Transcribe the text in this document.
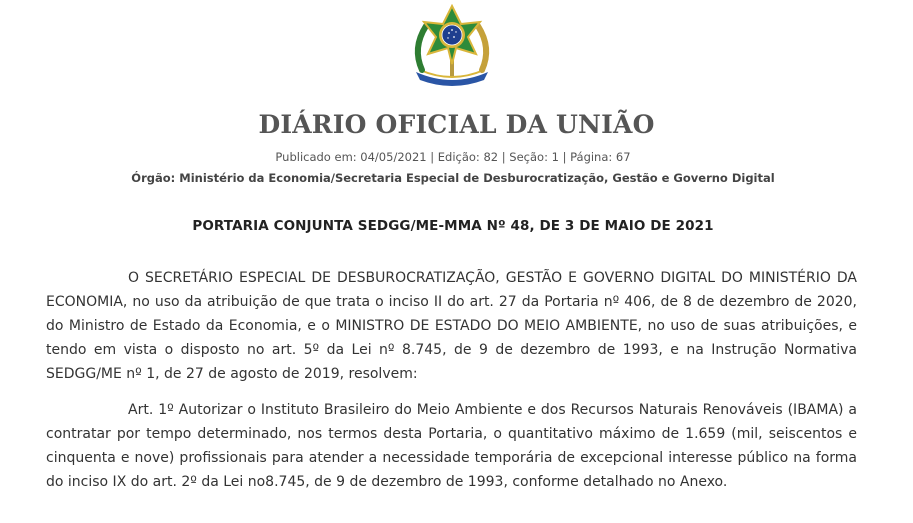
DIÁRIO OFICIAL DA UNIÃO
Publicado em: 04/05/2021 | Edição: 82 | Seção: 1 | Página: 67
Órgão: Ministério da Economia/Secretaria Especial de Desburocratização, Gestão e Governo Digital
PORTARIA CONJUNTA SEDGG/ME-MMA Nº 48, DE 3 DE MAIO DE 2021

O SECRETÁRIO ESPECIAL DE DESBUROCRATIZAÇÃO, GESTÃO E GOVERNO DIGITAL DO MINISTÉRIO DA ECONOMIA, no uso da atribuição de que trata o inciso II do art. 27 da Portaria nº 406, de 8 de dezembro de 2020, do Ministro de Estado da Economia, e o MINISTRO DE ESTADO DO MEIO AMBIENTE, no uso de suas atribuições, e tendo em vista o disposto no art. 5º da Lei nº 8.745, de 9 de dezembro de 1993, e na Instrução Normativa SEDGG/ME nº 1, de 27 de agosto de 2019, resolvem:

Art. 1º Autorizar o Instituto Brasileiro do Meio Ambiente e dos Recursos Naturais Renováveis (IBAMA) a contratar por tempo determinado, nos termos desta Portaria, o quantitativo máximo de 1.659 (mil, seiscentos e cinquenta e nove) profissionais para atender a necessidade temporária de excepcional interesse público na forma do inciso IX do art. 2º da Lei no8.745, de 9 de dezembro de 1993, conforme detalhado no Anexo.
